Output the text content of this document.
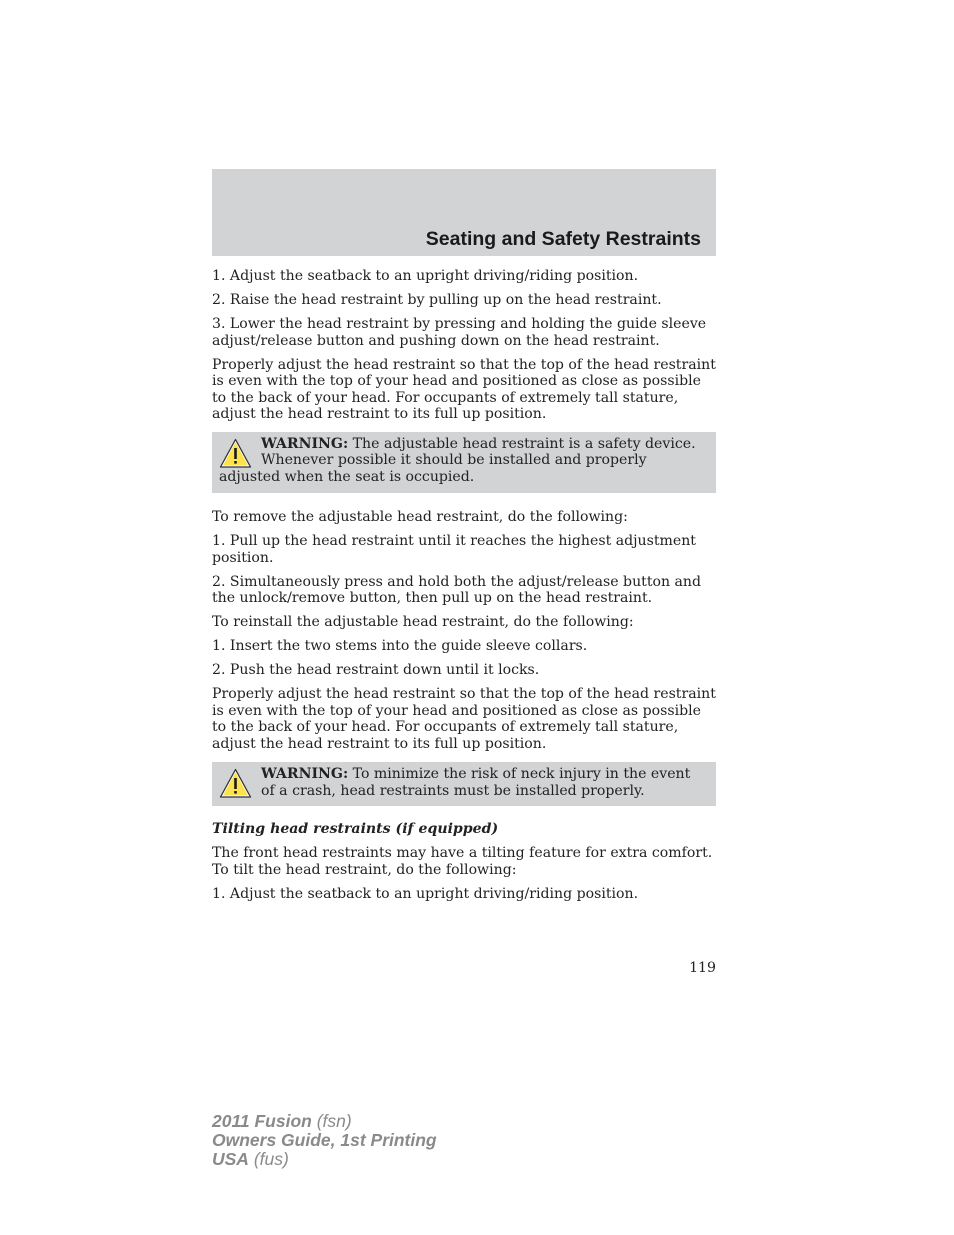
Seating and Safety Restraints

1. Adjust the seatback to an upright driving/riding position.

2. Raise the head restraint by pulling up on the head restraint.

3. Lower the head restraint by pressing and holding the guide sleeve adjust/release button and pushing down on the head restraint.

Properly adjust the head restraint so that the top of the head restraint is even with the top of your head and positioned as close as possible to the back of your head. For occupants of extremely tall stature, adjust the head restraint to its full up position.

WARNING: The adjustable head restraint is a safety device. Whenever possible it should be installed and properly adjusted when the seat is occupied.

To remove the adjustable head restraint, do the following:

1. Pull up the head restraint until it reaches the highest adjustment position.

2. Simultaneously press and hold both the adjust/release button and the unlock/remove button, then pull up on the head restraint.

To reinstall the adjustable head restraint, do the following:

1. Insert the two stems into the guide sleeve collars.

2. Push the head restraint down until it locks.

Properly adjust the head restraint so that the top of the head restraint is even with the top of your head and positioned as close as possible to the back of your head. For occupants of extremely tall stature, adjust the head restraint to its full up position.

WARNING: To minimize the risk of neck injury in the event of a crash, head restraints must be installed properly.

Tilting head restraints (if equipped)

The front head restraints may have a tilting feature for extra comfort. To tilt the head restraint, do the following:

1. Adjust the seatback to an upright driving/riding position.

119
2011 Fusion (fsn)
Owners Guide, 1st Printing
USA (fus)
